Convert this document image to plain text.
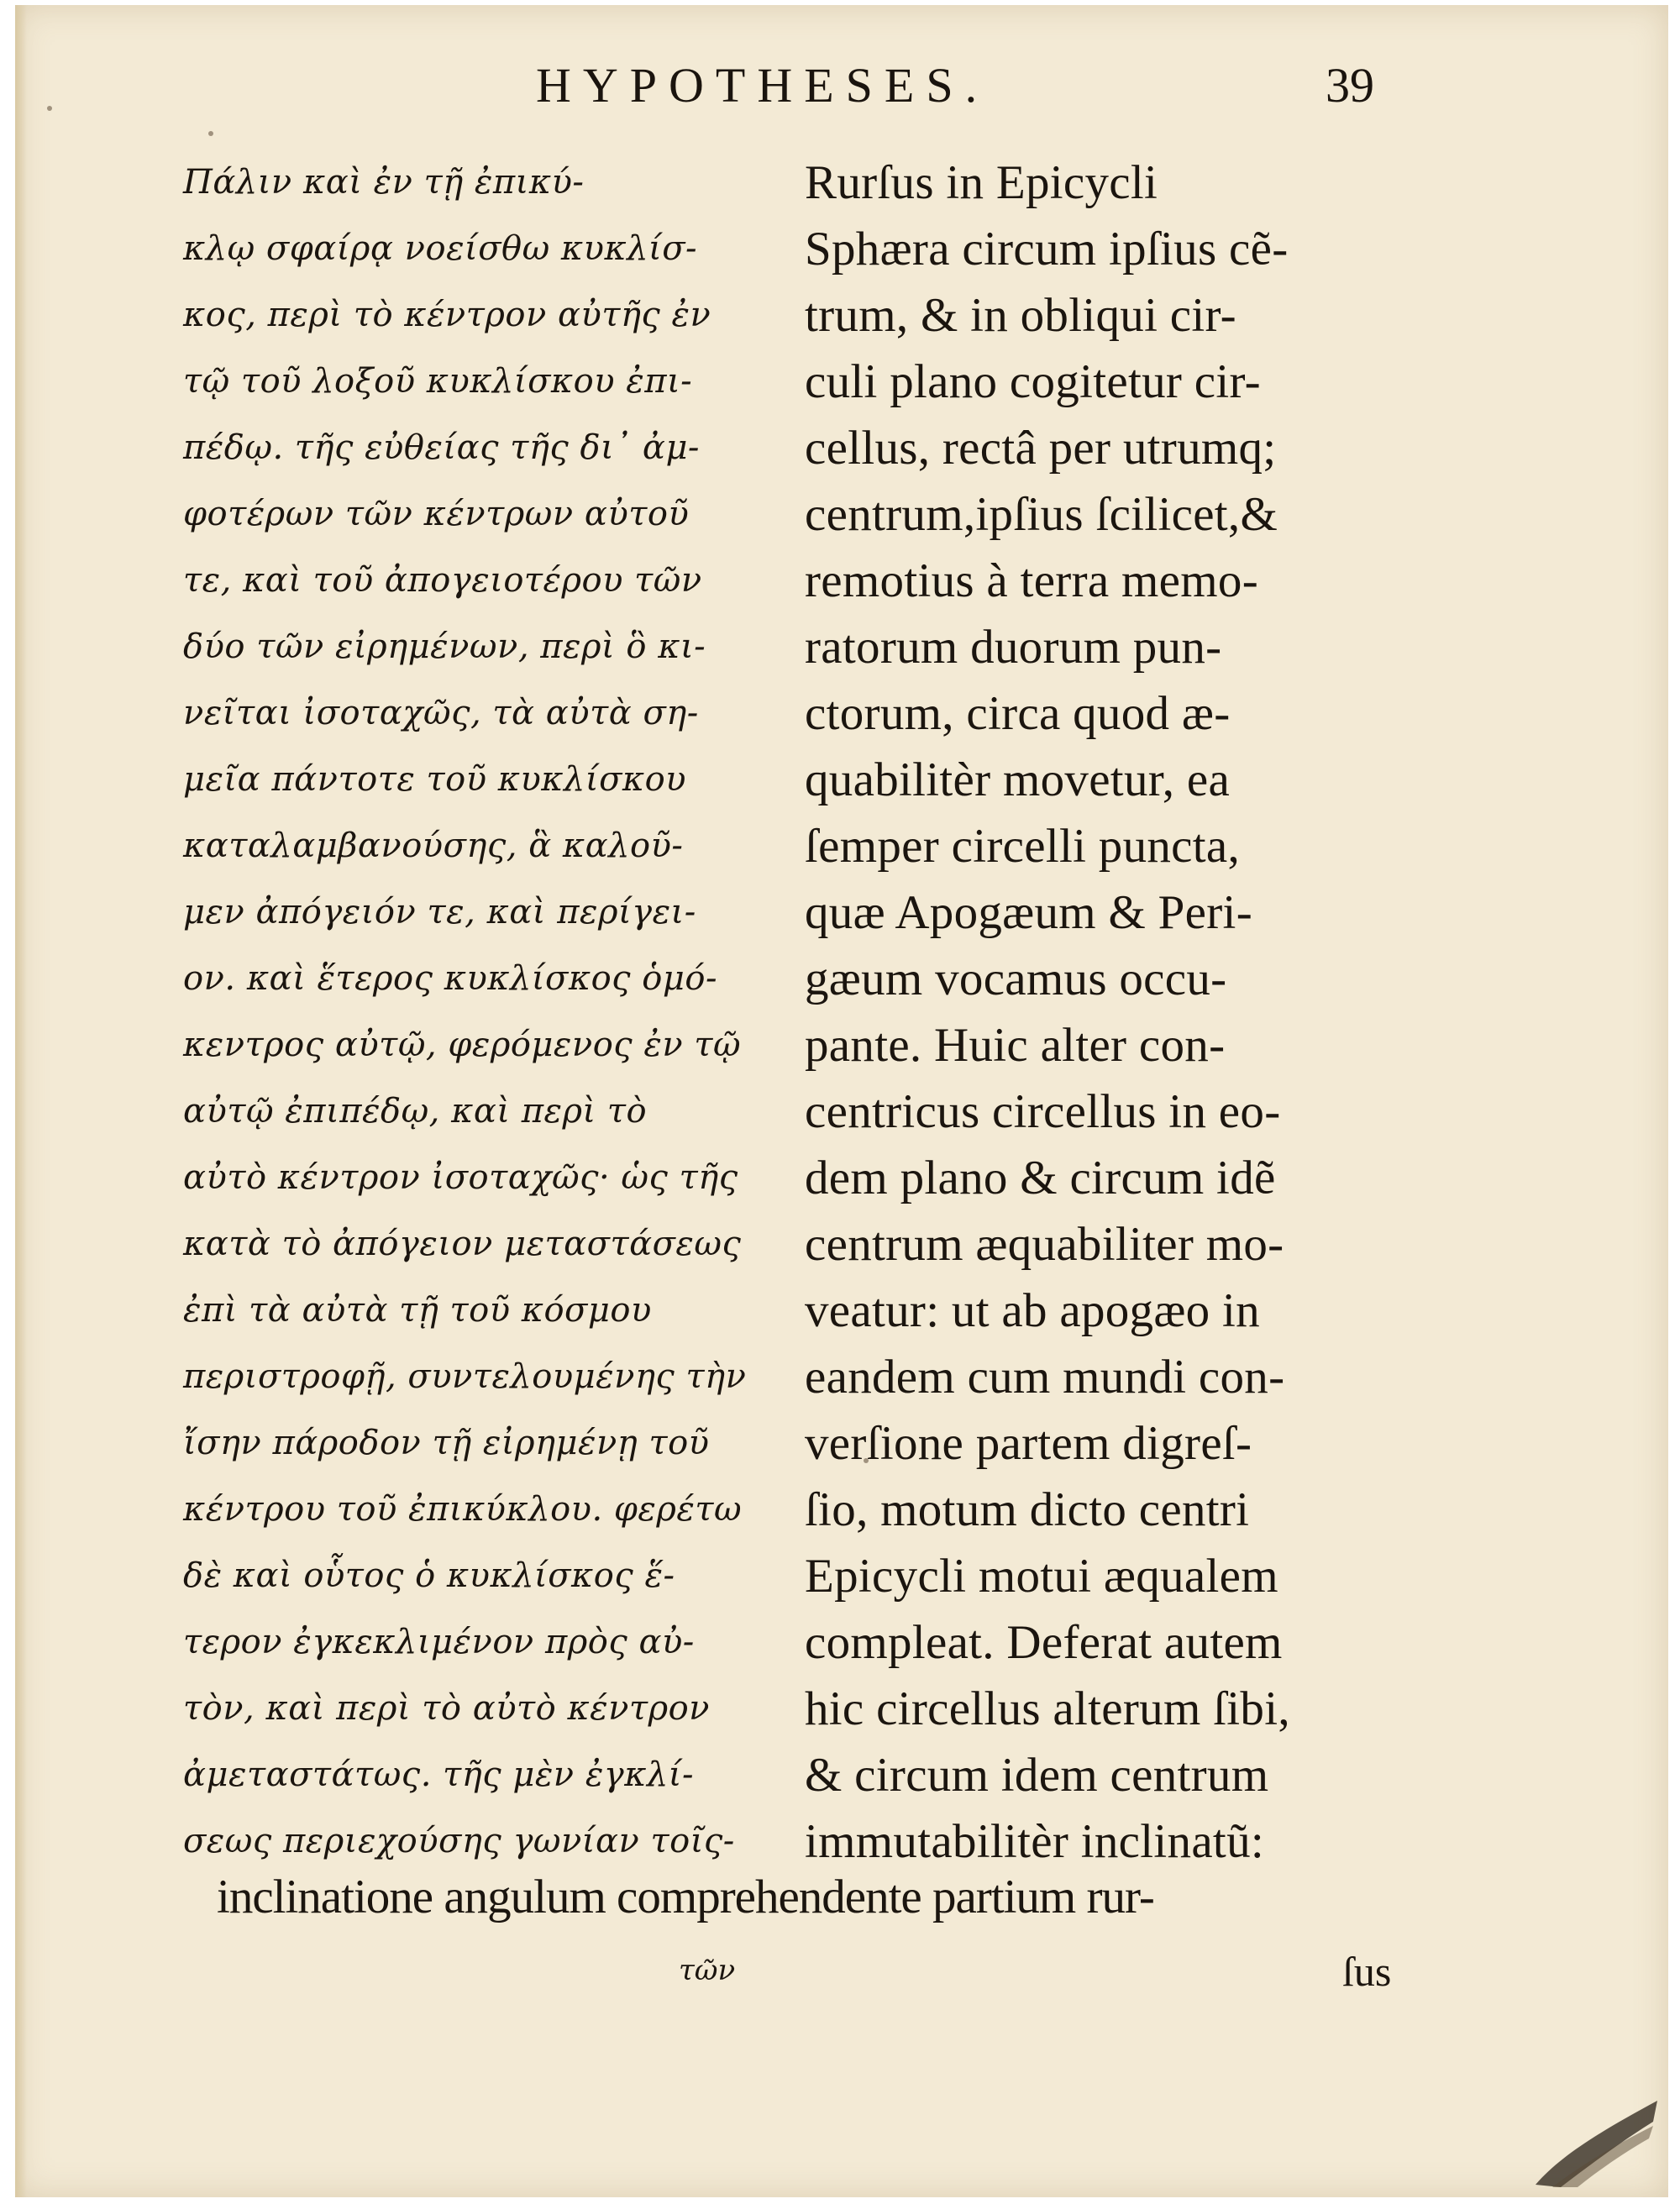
HYPOTHESES.	39
Πάλιν καὶ ἐν τῇ ἐπικύ-
κλῳ σφαίρᾳ νοείσθω κυκλίσ-
κος, περὶ τὸ κέντρον αὐτῆς ἐν
τῷ τοῦ λοξοῦ κυκλίσκου ἐπι-
πέδῳ. τῆς εὐθείας τῆς δι᾽ ἀμ-
φοτέρων τῶν κέντρων αὐτοῦ
τε, καὶ τοῦ ἀπογειοτέρου τῶν
δύο τῶν εἰρημένων, περὶ ὃ κι-
νεῖται ἰσοταχῶς, τὰ αὐτὰ ση-
μεῖα πάντοτε τοῦ κυκλίσκου
καταλαμβανούσης, ἃ καλοῦ-
μεν ἀπόγειόν τε, καὶ περίγει-
ον. καὶ ἕτερος κυκλίσκος ὁμό-
κεντρος αὐτῷ, φερόμενος ἐν τῷ
αὐτῷ ἐπιπέδῳ, καὶ περὶ τὸ
αὐτὸ κέντρον ἰσοταχῶς· ὡς τῆς
κατὰ τὸ ἀπόγειον μεταστάσεως
ἐπὶ τὰ αὐτὰ τῇ τοῦ κόσμου
περιστροφῇ, συντελουμένης τὴν
ἴσην πάροδον τῇ εἰρημένῃ τοῦ
κέντρου τοῦ ἐπικύκλου. φερέτω
δὲ καὶ οὗτος ὁ κυκλίσκος ἕ-
τερον ἐγκεκλιμένον πρὸς αὐ-
τὸν, καὶ περὶ τὸ αὐτὸ κέντρον
ἀμεταστάτως. τῆς μὲν ἐγκλί-
σεως περιεχούσης γωνίαν τοῖς-
Rurſus in Epicycli
Sphæra circum ipſius cẽ-
trum, & in obliqui cir-
culi plano cogitetur cir-
cellus, rectâ per utrumq;
centrum,ipſius ſcilicet,&
remotius à terra memo-
ratorum duorum pun-
ctorum, circa quod æ-
quabilitèr movetur, ea
ſemper circelli puncta,
quæ Apogæum & Peri-
gæum vocamus occu-
pante. Huic alter con-
centricus circellus in eo-
dem plano & circum idẽ
centrum æquabiliter mo-
veatur: ut ab apogæo in
eandem cum mundi con-
verſione partem digreſ-
ſio, motum dicto centri
Epicycli motui æqualem
compleat. Deferat autem
hic circellus alterum ſibi,
& circum idem centrum
immutabilitèr inclinatũ:
inclinatione angulum comprehendente partium rur-
τῶν	ſus
